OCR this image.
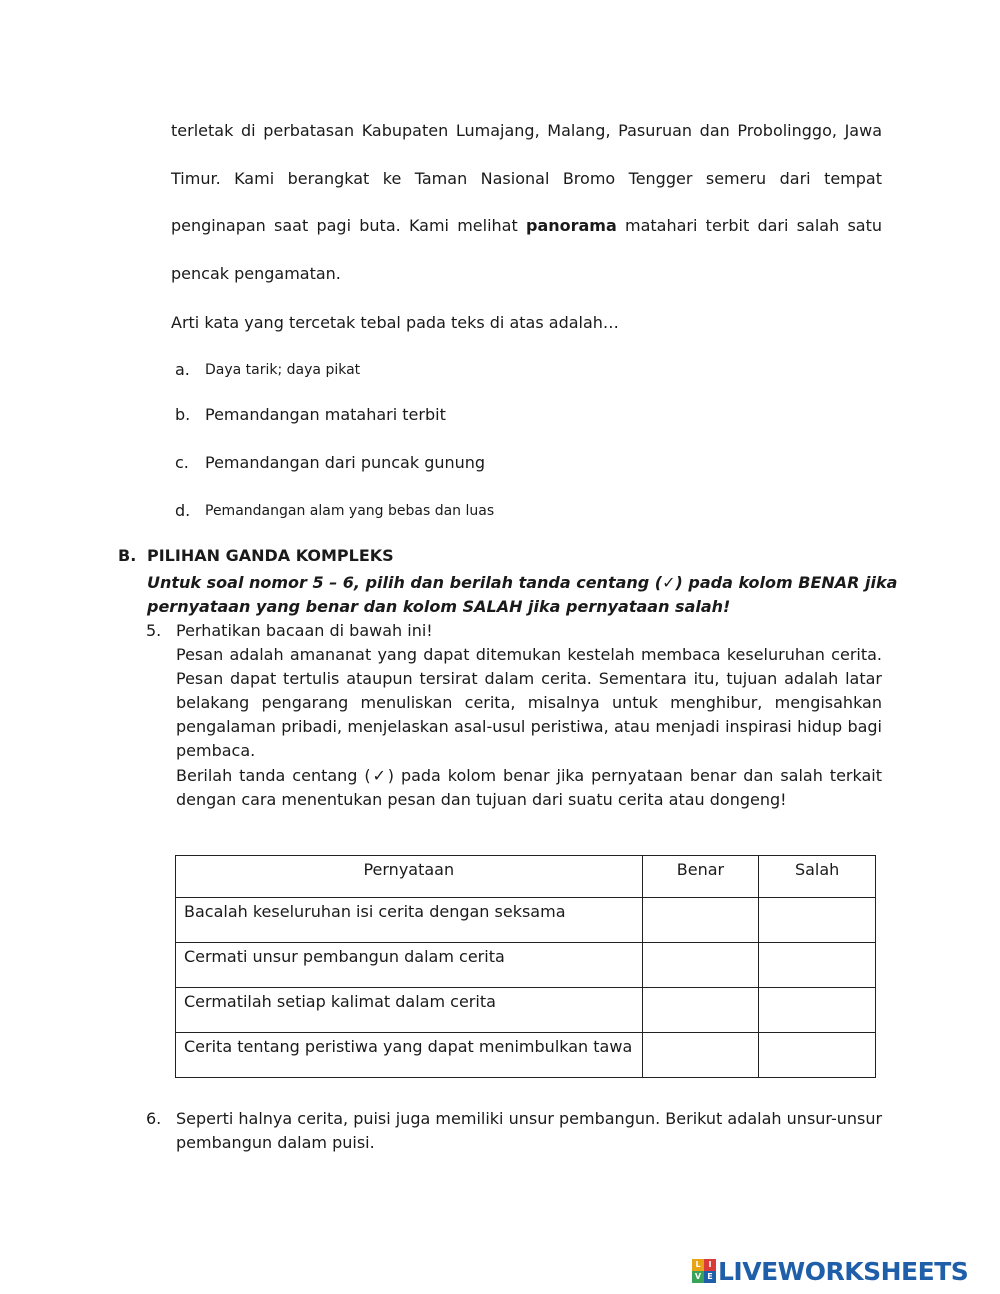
terletak di perbatasan Kabupaten Lumajang, Malang, Pasuruan dan Probolinggo, Jawa
Timur. Kami berangkat ke Taman Nasional Bromo Tengger semeru dari tempat
penginapan saat pagi buta. Kami melihat panorama matahari terbit dari salah satu
pencak pengamatan.
Arti kata yang tercetak tebal pada teks di atas adalah…
a. Daya tarik; daya pikat
b. Pemandangan matahari terbit
c. Pemandangan dari puncak gunung
d. Pemandangan alam yang bebas dan luas
B. PILIHAN GANDA KOMPLEKS
Untuk soal nomor 5 – 6, pilih dan berilah tanda centang (✓) pada kolom BENAR jika
pernyataan yang benar dan kolom SALAH jika pernyataan salah!
5. Perhatikan bacaan di bawah ini!
Pesan adalah amananat yang dapat ditemukan kestelah membaca keseluruhan cerita.
Pesan dapat tertulis ataupun tersirat dalam cerita. Sementara itu, tujuan adalah latar
belakang pengarang menuliskan cerita, misalnya untuk menghibur, mengisahkan
pengalaman pribadi, menjelaskan asal-usul peristiwa, atau menjadi inspirasi hidup bagi
pembaca.
Berilah tanda centang (✓) pada kolom benar jika pernyataan benar dan salah terkait
dengan cara menentukan pesan dan tujuan dari suatu cerita atau dongeng!
Pernyataan	Benar	Salah
Bacalah keseluruhan isi cerita dengan seksama		
Cermati unsur pembangun dalam cerita		
Cermatilah setiap kalimat dalam cerita		
Cerita tentang peristiwa yang dapat menimbulkan tawa		
6. Seperti halnya cerita, puisi juga memiliki unsur pembangun. Berikut adalah unsur-unsur
pembangun dalam puisi.
L I
V E LIVEWORKSHEETS
